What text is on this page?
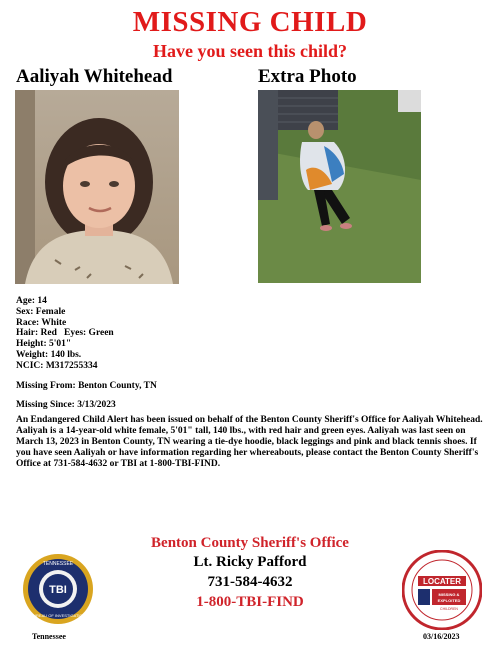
MISSING CHILD
Have you seen this child?
Aaliyah Whitehead	Extra Photo
Age: 14
Sex: Female
Race: White
Hair: Red   Eyes: Green
Height: 5'01"
Weight: 140 lbs.
NCIC: M317255334
Missing From: Benton County, TN
Missing Since: 3/13/2023
An Endangered Child Alert has been issued on behalf of the Benton County Sheriff's Office for Aaliyah Whitehead. Aaliyah is a 14-year-old white female, 5'01" tall, 140 lbs., with red hair and green eyes. Aaliyah was last seen on March 13, 2023 in Benton County, TN wearing a tie-dye hoodie, black leggings and pink and black tennis shoes. If you have seen Aaliyah or have information regarding her whereabouts, please contact the Benton County Sheriff's Office at 731-584-4632 or TBI at 1-800-TBI-FIND.
Benton County Sheriff's Office
Lt. Ricky Pafford
731-584-4632
1-800-TBI-FIND
TBI
TENNESSEE
BUREAU OF INVESTIGATION
Tennessee
LOCATER
MISSING &
EXPLOITED
CHILDREN
03/16/2023
